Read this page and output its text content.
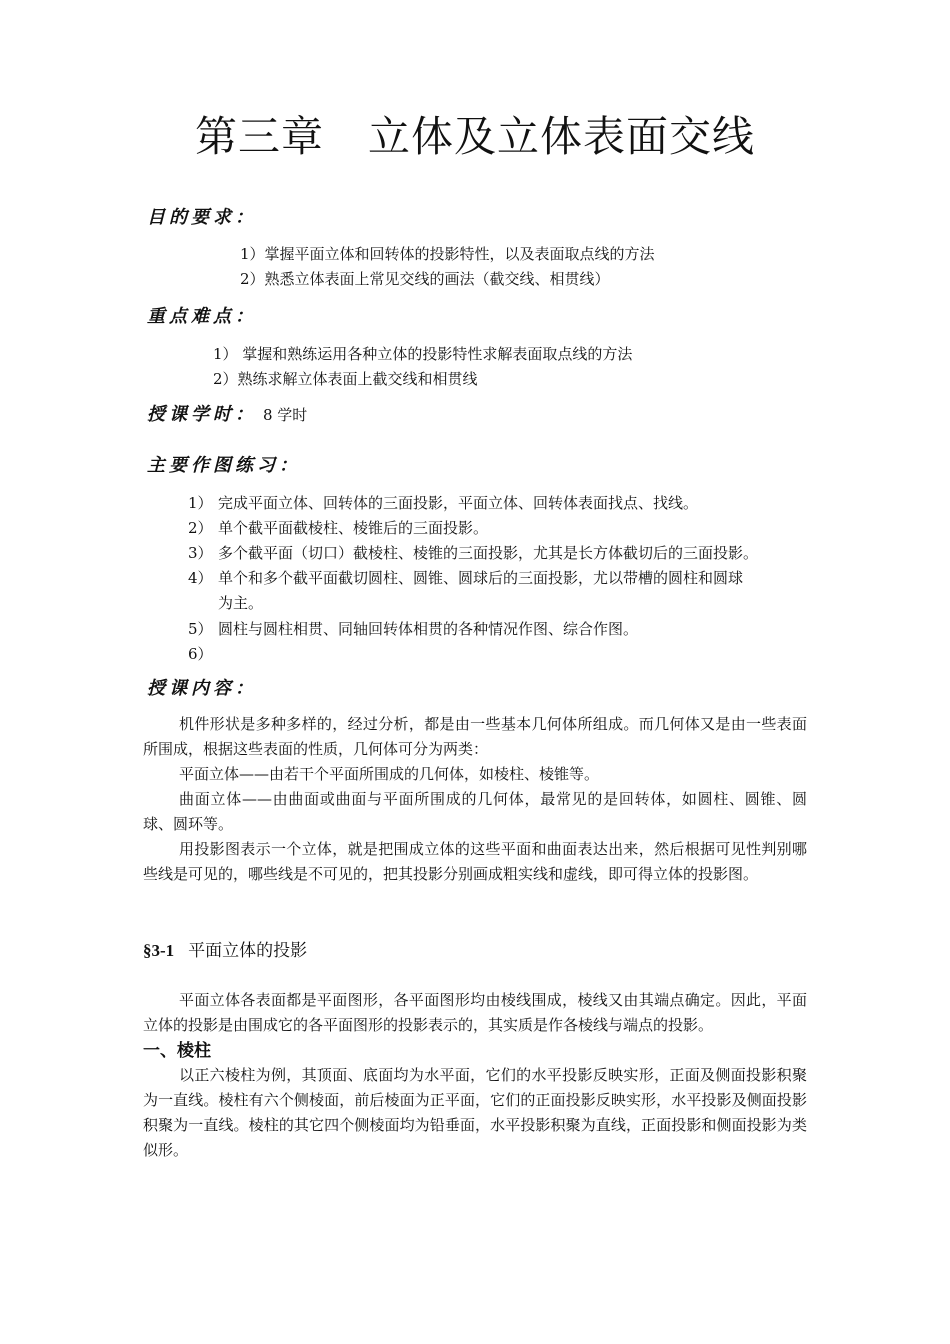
第三章 立体及立体表面交线

目的要求：

1）掌握平面立体和回转体的投影特性，以及表面取点线的方法

2）熟悉立体表面上常见交线的画法（截交线、相贯线）

重点难点：

1） 掌握和熟练运用各种立体的投影特性求解表面取点线的方法

2）熟练求解立体表面上截交线和相贯线

授课学时： 8 学时

主要作图练习：

1） 完成平面立体、回转体的三面投影，平面立体、回转体表面找点、找线。

2） 单个截平面截棱柱、棱锥后的三面投影。

3） 多个截平面（切口）截棱柱、棱锥的三面投影，尤其是长方体截切后的三面投影。

4） 单个和多个截平面截切圆柱、圆锥、圆球后的三面投影，尤以带槽的圆柱和圆球

为主。

5） 圆柱与圆柱相贯、同轴回转体相贯的各种情况作图、综合作图。

6）

授课内容：

机件形状是多种多样的，经过分析，都是由一些基本几何体所组成。而几何体又是由一些表面所围成，根据这些表面的性质，几何体可分为两类：

平面立体——由若干个平面所围成的几何体，如棱柱、棱锥等。

曲面立体——由曲面或曲面与平面所围成的几何体，最常见的是回转体，如圆柱、圆锥、圆球、圆环等。

用投影图表示一个立体，就是把围成立体的这些平面和曲面表达出来，然后根据可见性判别哪些线是可见的，哪些线是不可见的，把其投影分别画成粗实线和虚线，即可得立体的投影图。

§3-1 平面立体的投影

平面立体各表面都是平面图形，各平面图形均由棱线围成，棱线又由其端点确定。因此，平面立体的投影是由围成它的各平面图形的投影表示的，其实质是作各棱线与端点的投影。

一、棱柱

以正六棱柱为例，其顶面、底面均为水平面，它们的水平投影反映实形，正面及侧面投影积聚为一直线。棱柱有六个侧棱面，前后棱面为正平面，它们的正面投影反映实形，水平投影及侧面投影积聚为一直线。棱柱的其它四个侧棱面均为铅垂面，水平投影积聚为直线，正面投影和侧面投影为类似形。
